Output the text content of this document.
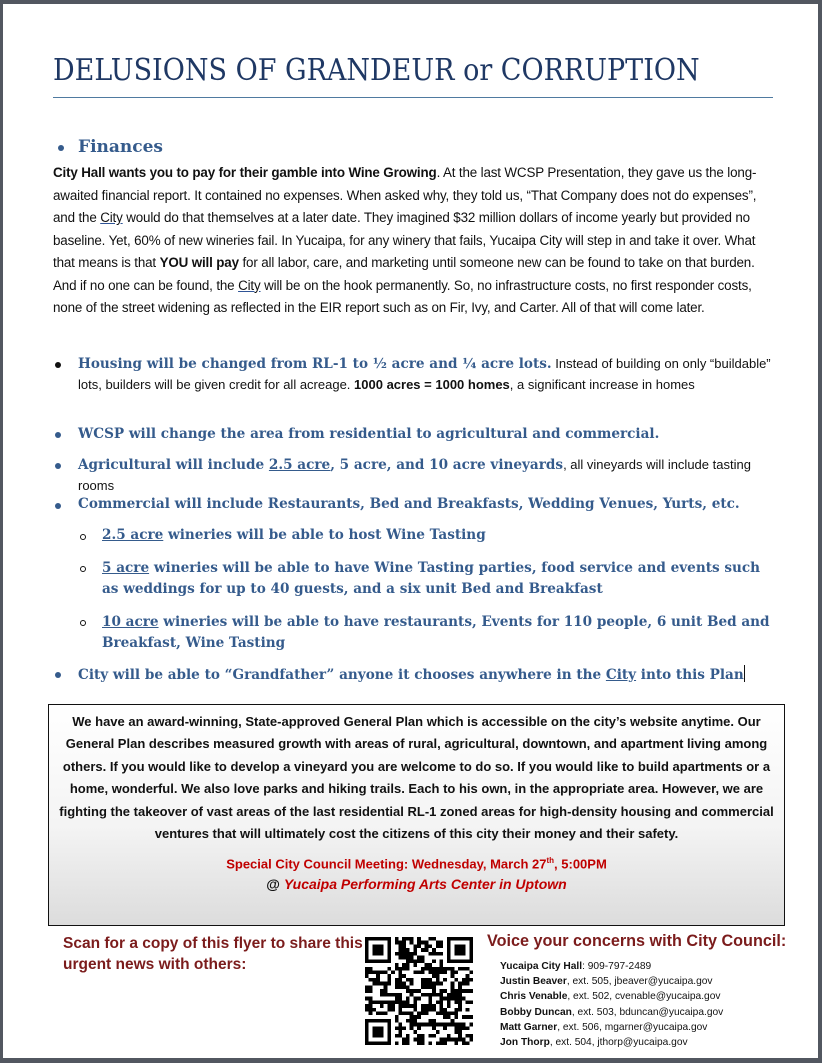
DELUSIONS OF GRANDEUR or CORRUPTION
Finances
City Hall wants you to pay for their gamble into Wine Growing. At the last WCSP Presentation, they gave us the long-awaited financial report. It contained no expenses. When asked why, they told us, “That Company does not do expenses”, and the City would do that themselves at a later date. They imagined $32 million dollars of income yearly but provided no baseline. Yet, 60% of new wineries fail. In Yucaipa, for any winery that fails, Yucaipa City will step in and take it over. What that means is that YOU will pay for all labor, care, and marketing until someone new can be found to take on that burden. And if no one can be found, the City will be on the hook permanently. So, no infrastructure costs, no first responder costs, none of the street widening as reflected in the EIR report such as on Fir, Ivy, and Carter. All of that will come later.
Housing will be changed from RL-1 to ½ acre and ¼ acre lots. Instead of building on only “buildable” lots, builders will be given credit for all acreage. 1000 acres = 1000 homes, a significant increase in homes
WCSP will change the area from residential to agricultural and commercial.
Agricultural will include 2.5 acre, 5 acre, and 10 acre vineyards, all vineyards will include tasting rooms
Commercial will include Restaurants, Bed and Breakfasts, Wedding Venues, Yurts, etc.
2.5 acre wineries will be able to host Wine Tasting
5 acre wineries will be able to have Wine Tasting parties, food service and events such as weddings for up to 40 guests, and a six unit Bed and Breakfast
10 acre wineries will be able to have restaurants, Events for 110 people, 6 unit Bed and Breakfast, Wine Tasting
City will be able to “Grandfather” anyone it chooses anywhere in the City into this Plan
We have an award-winning, State-approved General Plan which is accessible on the city’s website anytime. Our General Plan describes measured growth with areas of rural, agricultural, downtown, and apartment living among others. If you would like to develop a vineyard you are welcome to do so. If you would like to build apartments or a home, wonderful. We also love parks and hiking trails. Each to his own, in the appropriate area. However, we are fighting the takeover of vast areas of the last residential RL-1 zoned areas for high-density housing and commercial ventures that will ultimately cost the citizens of this city their money and their safety.
Special City Council Meeting: Wednesday, March 27th, 5:00PM
@ Yucaipa Performing Arts Center in Uptown
Scan for a copy of this flyer to share this urgent news with others:
Voice your concerns with City Council:
Yucaipa City Hall: 909-797-2489
Justin Beaver, ext. 505, jbeaver@yucaipa.gov
Chris Venable, ext. 502, cvenable@yucaipa.gov
Bobby Duncan, ext. 503, bduncan@yucaipa.gov
Matt Garner, ext. 506, mgarner@yucaipa.gov
Jon Thorp, ext. 504, jthorp@yucaipa.gov
